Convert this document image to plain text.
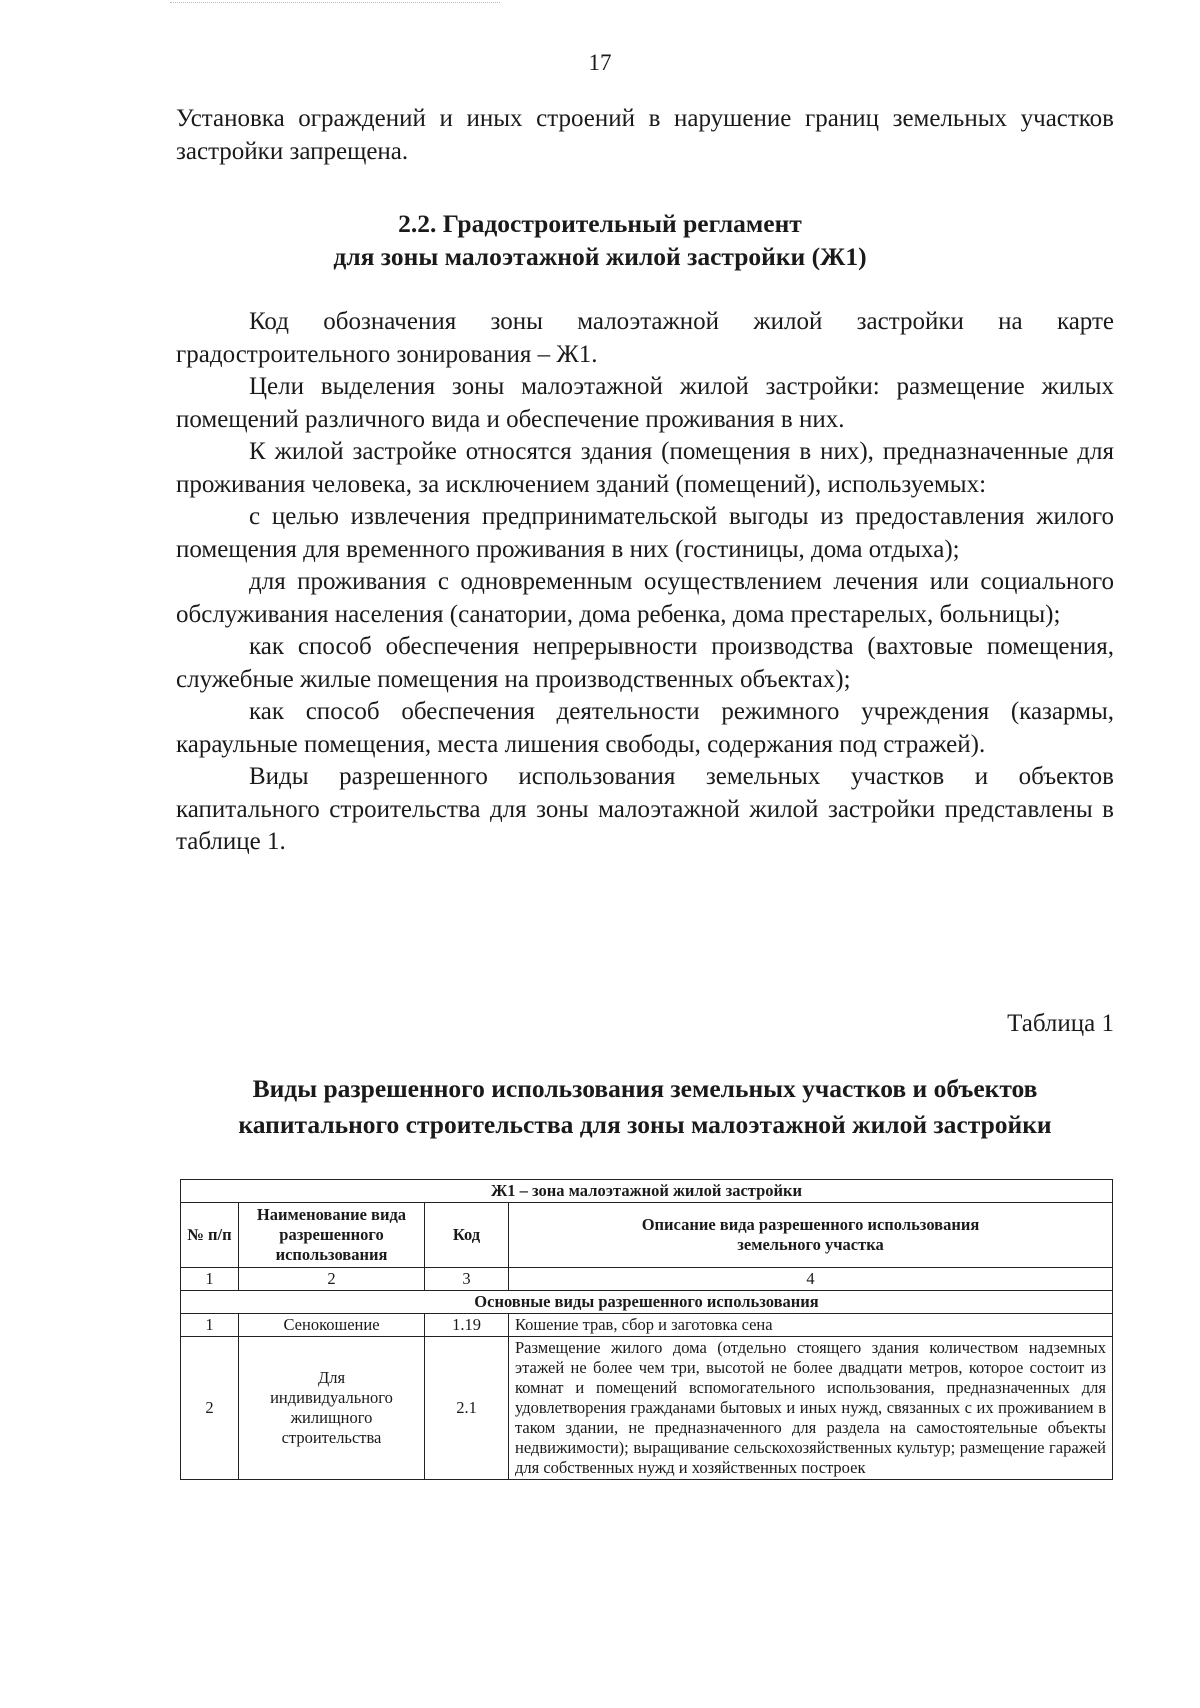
17

Установка ограждений и иных строений в нарушение границ земельных участков застройки запрещена.

2.2. Градостроительный регламент
для зоны малоэтажной жилой застройки (Ж1)

Код обозначения зоны малоэтажной жилой застройки на карте градостроительного зонирования – Ж1.

Цели выделения зоны малоэтажной жилой застройки: размещение жилых помещений различного вида и обеспечение проживания в них.

К жилой застройке относятся здания (помещения в них), предназначенные для проживания человека, за исключением зданий (помещений), используемых:

с целью извлечения предпринимательской выгоды из предоставления жилого помещения для временного проживания в них (гостиницы, дома отдыха);

для проживания с одновременным осуществлением лечения или социального обслуживания населения (санатории, дома ребенка, дома престарелых, больницы);

как способ обеспечения непрерывности производства (вахтовые помещения, служебные жилые помещения на производственных объектах);

как способ обеспечения деятельности режимного учреждения (казармы, караульные помещения, места лишения свободы, содержания под стражей).

Виды разрешенного использования земельных участков и объектов капитального строительства для зоны малоэтажной жилой застройки представлены в таблице 1.

Таблица 1
Виды разрешенного использования земельных участков и объектов
капитального строительства для зоны малоэтажной жилой застройки
Ж1 – зона малоэтажной жилой застройки			
№ п/п	Наименование вида разрешенного использования	Код	Описание вида разрешенного использования земельного участка
1	2	3	4
Основные виды разрешенного использования			
1	Сенокошение	1.19	Кошение трав, сбор и заготовка сена
2	Для индивидуального жилищного строительства	2.1	Размещение жилого дома (отдельно стоящего здания количеством надземных этажей не более чем три, высотой не более двадцати метров, которое состоит из комнат и помещений вспомогательного использования, предназначенных для удовлетворения гражданами бытовых и иных нужд, связанных с их проживанием в таком здании, не предназначенного для раздела на самостоятельные объекты недвижимости); выращивание сельскохозяйственных культур; размещение гаражей для собственных нужд и хозяйственных построек
